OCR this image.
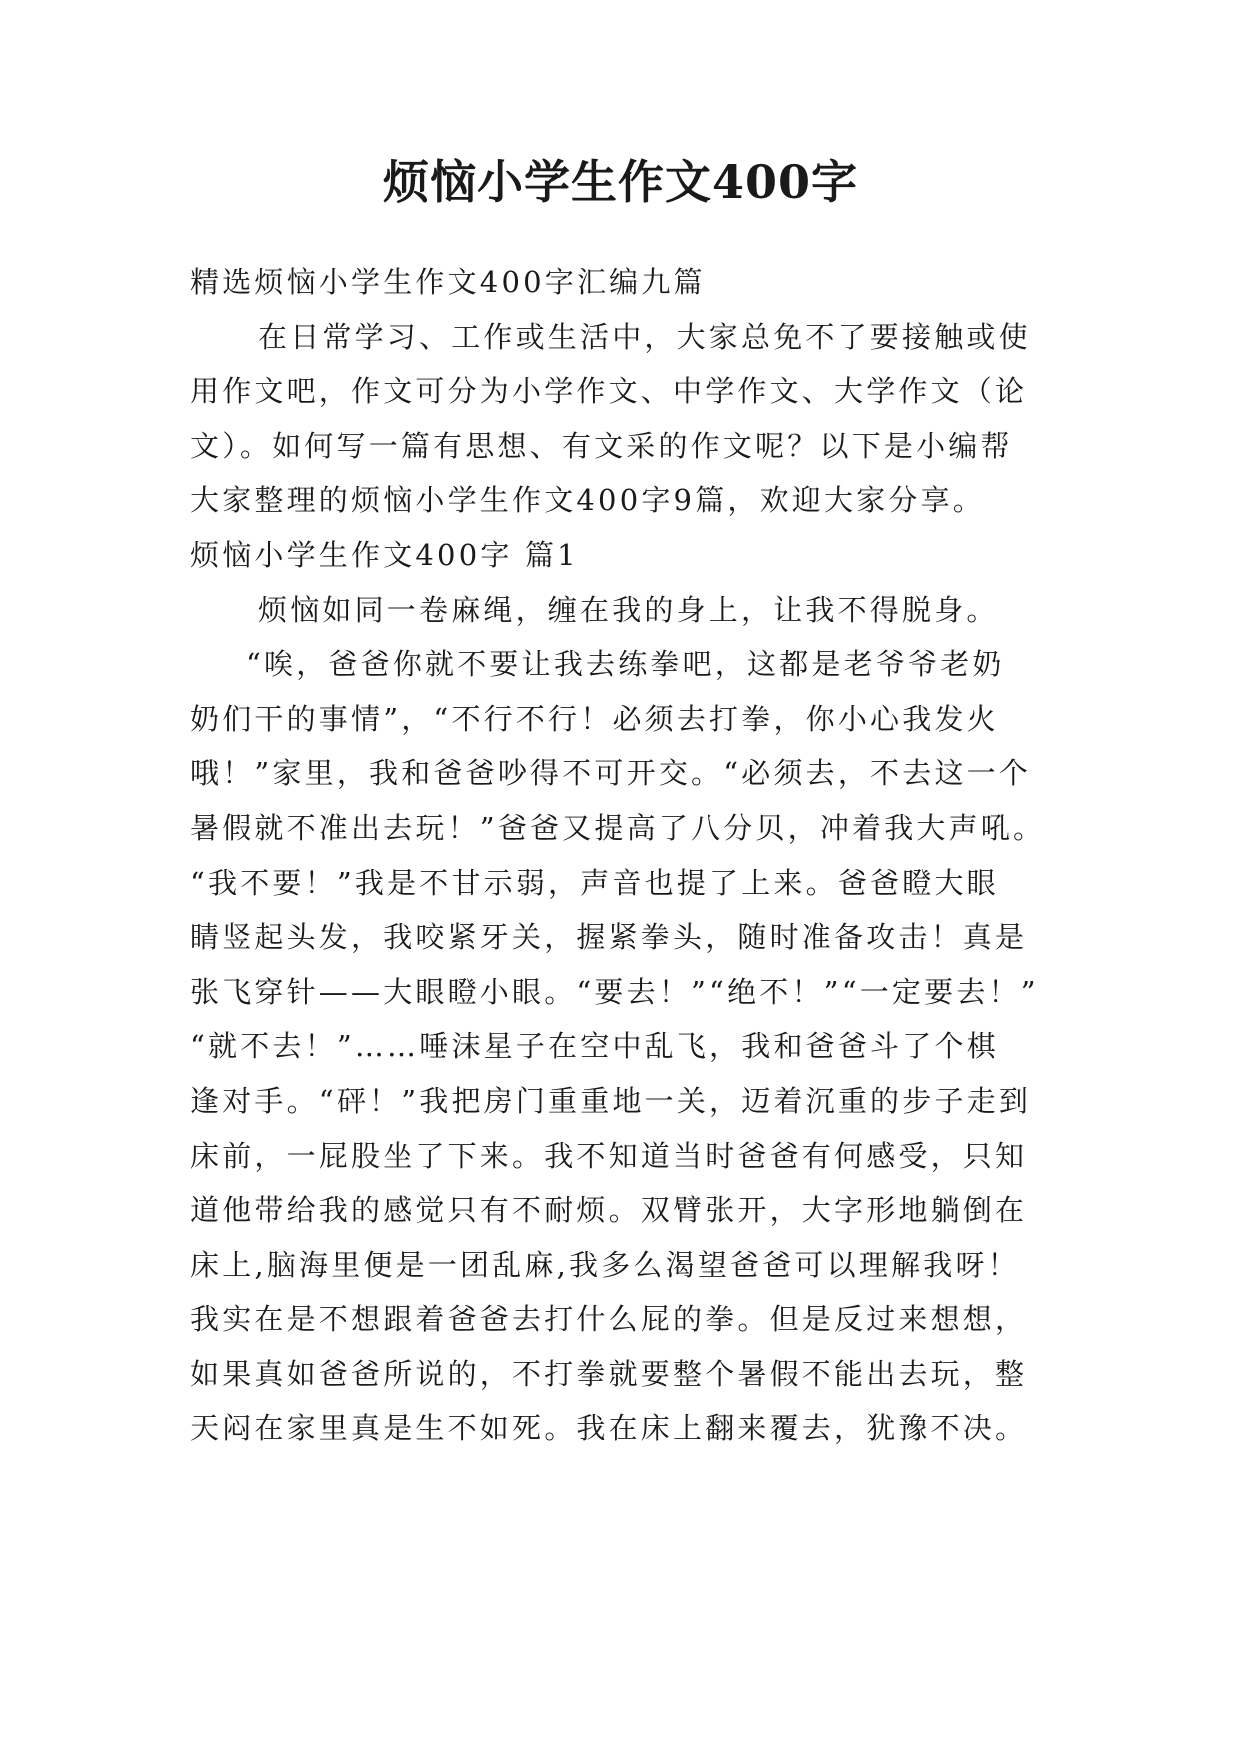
烦恼小学生作文400字
精选烦恼小学生作文400字汇编九篇
在日常学习、工作或生活中，大家总免不了要接触或使
用作文吧，作文可分为小学作文、中学作文、大学作文（论
文）。如何写一篇有思想、有文采的作文呢？以下是小编帮
大家整理的烦恼小学生作文400字9篇，欢迎大家分享。
烦恼小学生作文400字 篇1
烦恼如同一卷麻绳，缠在我的身上，让我不得脱身。
“唉，爸爸你就不要让我去练拳吧，这都是老爷爷老奶
奶们干的事情”，“不行不行！必须去打拳，你小心我发火
哦！”家里，我和爸爸吵得不可开交。“必须去，不去这一个
暑假就不准出去玩！”爸爸又提高了八分贝，冲着我大声吼。
“我不要！”我是不甘示弱，声音也提了上来。爸爸瞪大眼
睛竖起头发，我咬紧牙关，握紧拳头，随时准备攻击！真是
张飞穿针——大眼瞪小眼。“要去！”“绝不！”“一定要去！”
“就不去！”……唾沫星子在空中乱飞，我和爸爸斗了个棋
逢对手。“砰！”我把房门重重地一关，迈着沉重的步子走到
床前，一屁股坐了下来。我不知道当时爸爸有何感受，只知
道他带给我的感觉只有不耐烦。双臂张开，大字形地躺倒在
床上,脑海里便是一团乱麻,我多么渴望爸爸可以理解我呀！
我实在是不想跟着爸爸去打什么屁的拳。但是反过来想想，
如果真如爸爸所说的，不打拳就要整个暑假不能出去玩，整
天闷在家里真是生不如死。我在床上翻来覆去，犹豫不决。
